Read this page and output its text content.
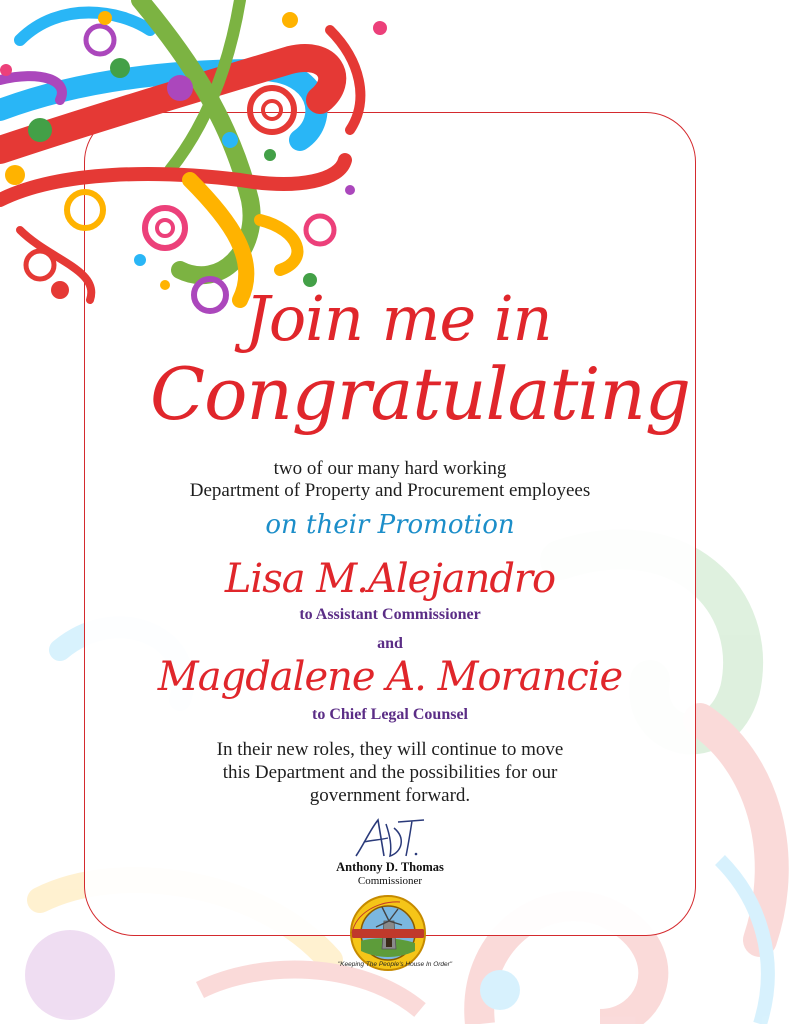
Join me in
Congratulating
two of our many hard working
Department of Property and Procurement employees
on their Promotion
Lisa M.Alejandro
to Assistant Commissioner
and
Magdalene A. Morancie
to Chief Legal Counsel
In their new roles, they will continue to move
this Department and the possibilities for our
government forward.
Anthony D. Thomas
Commissioner
"Keeping The People's House In Order"
